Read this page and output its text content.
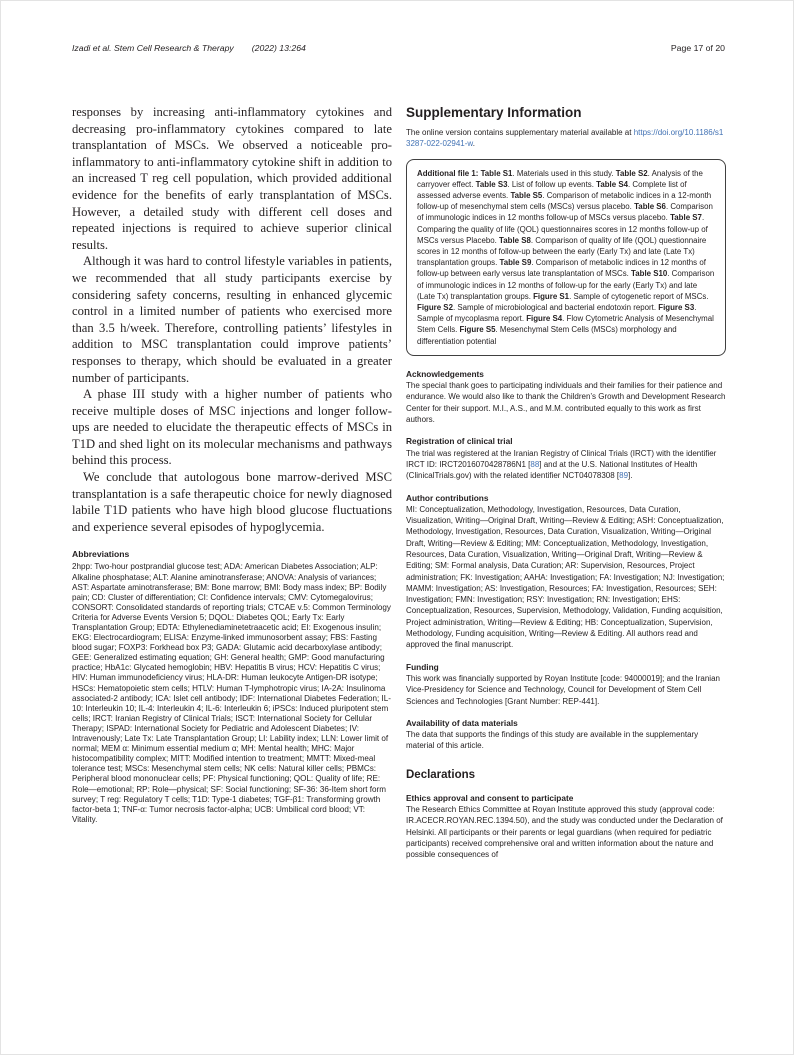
Izadi et al. Stem Cell Research & Therapy (2022) 13:264	Page 17 of 20

responses by increasing anti-inflammatory cytokines and decreasing pro-inflammatory cytokines compared to late transplantation of MSCs. We observed a noticeable pro-inflammatory to anti-inflammatory cytokine shift in addition to an increased T reg cell population, which provided additional evidence for the benefits of early transplantation of MSCs. However, a detailed study with different cell doses and repeated injections is required to achieve superior clinical results.

Although it was hard to control lifestyle variables in patients, we recommended that all study participants exercise by considering safety concerns, resulting in enhanced glycemic control in a limited number of patients who exercised more than 3.5 h/week. Therefore, controlling patients’ lifestyles in addition to MSC transplantation could improve patients’ responses to therapy, which should be evaluated in a greater number of participants.

A phase III study with a higher number of patients who receive multiple doses of MSC injections and longer follow-ups are needed to elucidate the therapeutic effects of MSCs in T1D and shed light on its molecular mechanisms and pathways behind this process.

We conclude that autologous bone marrow-derived MSC transplantation is a safe therapeutic choice for newly diagnosed labile T1D patients who have high blood glucose fluctuations and experience several episodes of hypoglycemia.

Abbreviations
2hpp: Two-hour postprandial glucose test; ADA: American Diabetes Association; ALP: Alkaline phosphatase; ALT: Alanine aminotransferase; ANOVA: Analysis of variances; AST: Aspartate aminotransferase; BM: Bone marrow; BMI: Body mass index; BP: Bodily pain; CD: Cluster of differentiation; CI: Confidence intervals; CMV: Cytomegalovirus; CONSORT: Consolidated standards of reporting trials; CTCAE v.5: Common Terminology Criteria for Adverse Events Version 5; DQOL: Diabetes QOL; Early Tx: Early Transplantation Group; EDTA: Ethylenediaminetetraacetic acid; EI: Exogenous insulin; EKG: Electrocardiogram; ELISA: Enzyme-linked immunosorbent assay; FBS: Fasting blood sugar; FOXP3: Forkhead box P3; GADA: Glutamic acid decarboxylase antibody; GEE: Generalized estimating equation; GH: General health; GMP: Good manufacturing practice; HbA1c: Glycated hemoglobin; HBV: Hepatitis B virus; HCV: Hepatitis C virus; HIV: Human immunodeficiency virus; HLA-DR: Human leukocyte Antigen-DR isotype; HSCs: Hematopoietic stem cells; HTLV: Human T-lymphotropic virus; IA-2A: Insulinoma associated-2 antibody; ICA: Islet cell antibody; IDF: International Diabetes Federation; IL-10: Interleukin 10; IL-4: Interleukin 4; IL-6: Interleukin 6; iPSCs: Induced pluripotent stem cells; IRCT: Iranian Registry of Clinical Trials; ISCT: International Society for Cellular Therapy; ISPAD: International Society for Pediatric and Adolescent Diabetes; IV: Intravenously; Late Tx: Late Transplantation Group; LI: Lability index; LLN: Lower limit of normal; MEM α: Minimum essential medium α; MH: Mental health; MHC: Major histocompatibility complex; MITT: Modified intention to treatment; MMTT: Mixed-meal tolerance test; MSCs: Mesenchymal stem cells; NK cells: Natural killer cells; PBMCs: Peripheral blood mononuclear cells; PF: Physical functioning; QOL: Quality of life; RE: Role—emotional; RP: Role—physical; SF: Social functioning; SF-36: 36-Item short form survey; T reg: Regulatory T cells; T1D: Type-1 diabetes; TGF-β1: Transforming growth factor-beta 1; TNF-α: Tumor necrosis factor-alpha; UCB: Umbilical cord blood; VT: Vitality.
Supplementary Information

The online version contains supplementary material available at https://doi.org/10.1186/s13287-022-02941-w.

Additional file 1: Table S1. Materials used in this study. Table S2. Analysis of the carryover effect. Table S3. List of follow up events. Table S4. Complete list of assessed adverse events. Table S5. Comparison of metabolic indices in a 12-month follow-up of mesenchymal stem cells (MSCs) versus placebo. Table S6. Comparison of immunologic indices in 12 months follow-up of MSCs versus placebo. Table S7. Comparing the quality of life (QOL) questionnaires scores in 12 months follow-up of MSCs versus Placebo. Table S8. Comparison of quality of life (QOL) questionnaire scores in 12 months of follow-up between the early (Early Tx) and late (Late Tx) transplantation groups. Table S9. Comparison of metabolic indices in 12 months of follow-up between early versus late transplantation of MSCs. Table S10. Comparison of immunologic indices in 12 months of follow-up for the early (Early Tx) and late (Late Tx) transplantation groups. Figure S1. Sample of cytogenetic report of MSCs. Figure S2. Sample of microbiological and bacterial endotoxin report. Figure S3. Sample of mycoplasma report. Figure S4. Flow Cytometric Analysis of Mesenchymal Stem Cells. Figure S5. Mesenchymal Stem Cells (MSCs) morphology and differentiation potential

Acknowledgements

The special thank goes to participating individuals and their families for their patience and endurance. We would also like to thank the Children’s Growth and Development Research Center for their support. M.I., A.S., and M.M. contributed equally to this work as first authors.

Registration of clinical trial

The trial was registered at the Iranian Registry of Clinical Trials (IRCT) with the identifier IRCT ID: IRCT2016070428786N1 [88] and at the U.S. National Institutes of Health (ClinicalTrials.gov) with the related identifier NCT04078308 [89].

Author contributions

MI: Conceptualization, Methodology, Investigation, Resources, Data Curation, Visualization, Writing—Original Draft, Writing—Review & Editing; ASH: Conceptualization, Methodology, Investigation, Resources, Data Curation, Visualization, Writing—Original Draft, Writing—Review & Editing; MM: Conceptualization, Methodology, Investigation, Resources, Data Curation, Visualization, Writing—Original Draft, Writing—Review & Editing; SM: Formal analysis, Data Curation; AR: Supervision, Resources, Project administration; FK: Investigation; AAHA: Investigation; FA: Investigation; NJ: Investigation; MAMM: Investigation; AS: Investigation, Resources; FA: Investigation, Resources; SEH: Investigation; FMN: Investigation; RSY: Investigation; RN: Investigation; EHS: Conceptualization, Resources, Supervision, Methodology, Validation, Funding acquisition, Project administration, Writing—Review & Editing; HB: Conceptualization, Supervision, Methodology, Funding acquisition, Writing—Review & Editing. All authors read and approved the final manuscript.

Funding

This work was financially supported by Royan Institute [code: 94000019]; and the Iranian Vice-Presidency for Science and Technology, Council for Development of Stem Cell Sciences and Technologies [Grant Number: REP-441].

Availability of data materials

The data that supports the findings of this study are available in the supplementary material of this article.

Declarations
Ethics approval and consent to participate

The Research Ethics Committee at Royan Institute approved this study (approval code: IR.ACECR.ROYAN.REC.1394.50), and the study was conducted under the Declaration of Helsinki. All participants or their parents or legal guardians (when required for pediatric participants) received comprehensive oral and written information about the nature and possible consequences of
